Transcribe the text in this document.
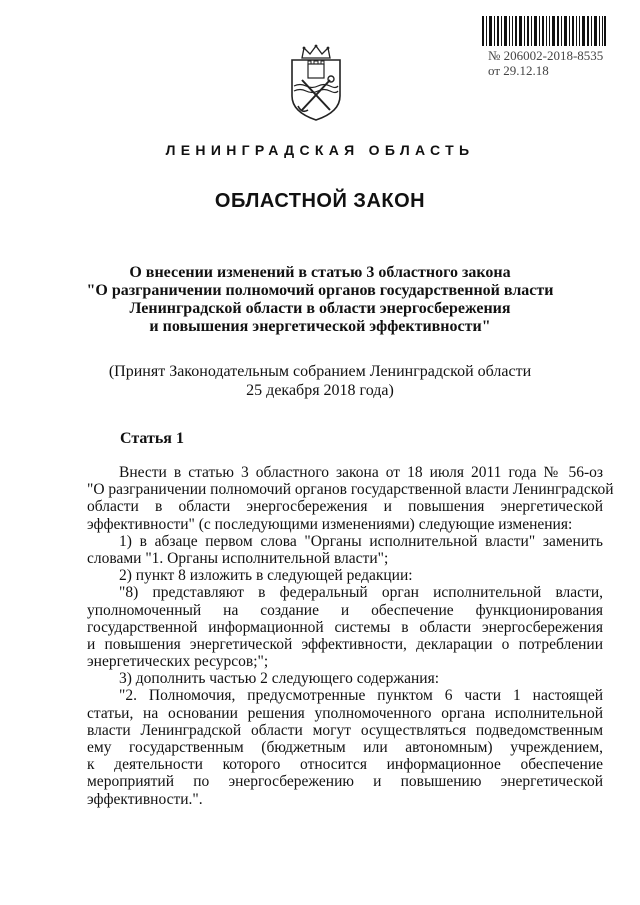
№ 206002-2018-8535
от 29.12.18
ЛЕНИНГРАДСКАЯ ОБЛАСТЬ
ОБЛАСТНОЙ ЗАКОН
О внесении изменений в статью 3 областного закона
"О разграничении полномочий органов государственной власти
Ленинградской области в области энергосбережения
и повышения энергетической эффективности"
(Принят Законодательным собранием Ленинградской области
25 декабря 2018 года)
Статья 1
Внести в статью 3 областного закона от 18 июля 2011 года № 56-оз
"О разграничении полномочий органов государственной власти Ленинградской
области в области энергосбережения и повышения энергетической
эффективности" (с последующими изменениями) следующие изменения:
1) в абзаце первом слова "Органы исполнительной власти" заменить
словами "1. Органы исполнительной власти";
2) пункт 8 изложить в следующей редакции:
"8) представляют в федеральный орган исполнительной власти,
уполномоченный на создание и обеспечение функционирования
государственной информационной системы в области энергосбережения
и повышения энергетической эффективности, декларации о потреблении
энергетических ресурсов;";
3) дополнить частью 2 следующего содержания:
"2. Полномочия, предусмотренные пунктом 6 части 1 настоящей
статьи, на основании решения уполномоченного органа исполнительной
власти Ленинградской области могут осуществляться подведомственным
ему государственным (бюджетным или автономным) учреждением,
к деятельности которого относится информационное обеспечение
мероприятий по энергосбережению и повышению энергетической
эффективности.".
